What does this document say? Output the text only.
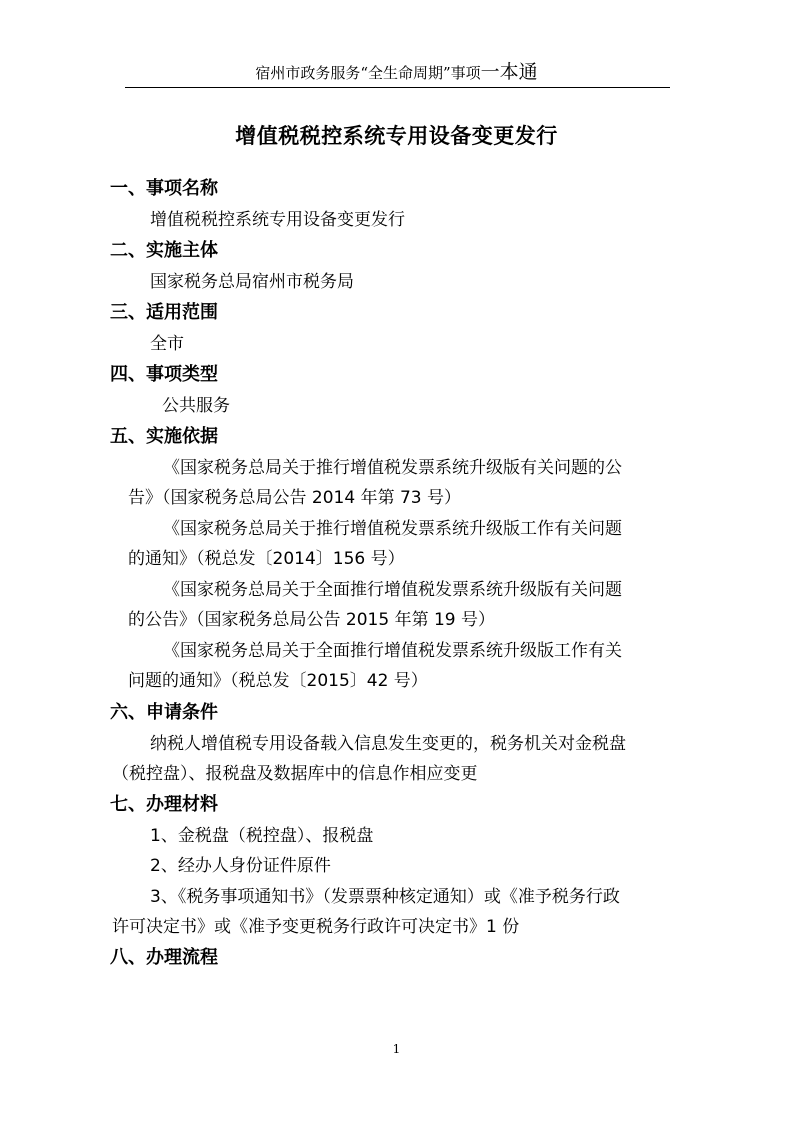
宿州市政务服务“全生命周期”事项一本通
增值税税控系统专用设备变更发行
一、事项名称
增值税税控系统专用设备变更发行
二、实施主体
国家税务总局宿州市税务局
三、适用范围
全市
四、事项类型
公共服务
五、实施依据
《国家税务总局关于推行增值税发票系统升级版有关问题的公
告》（国家税务总局公告 2014 年第 73 号）
《国家税务总局关于推行增值税发票系统升级版工作有关问题
的通知》（税总发〔2014〕156 号）
《国家税务总局关于全面推行增值税发票系统升级版有关问题
的公告》（国家税务总局公告 2015 年第 19 号）
《国家税务总局关于全面推行增值税发票系统升级版工作有关
问题的通知》（税总发〔2015〕42 号）
六、申请条件
纳税人增值税专用设备载入信息发生变更的，税务机关对金税盘
（税控盘）、报税盘及数据库中的信息作相应变更
七、办理材料
1、金税盘（税控盘）、报税盘
2、经办人身份证件原件
3、《税务事项通知书》（发票票种核定通知）或《准予税务行政
许可决定书》或《准予变更税务行政许可决定书》1 份
八、办理流程
1
